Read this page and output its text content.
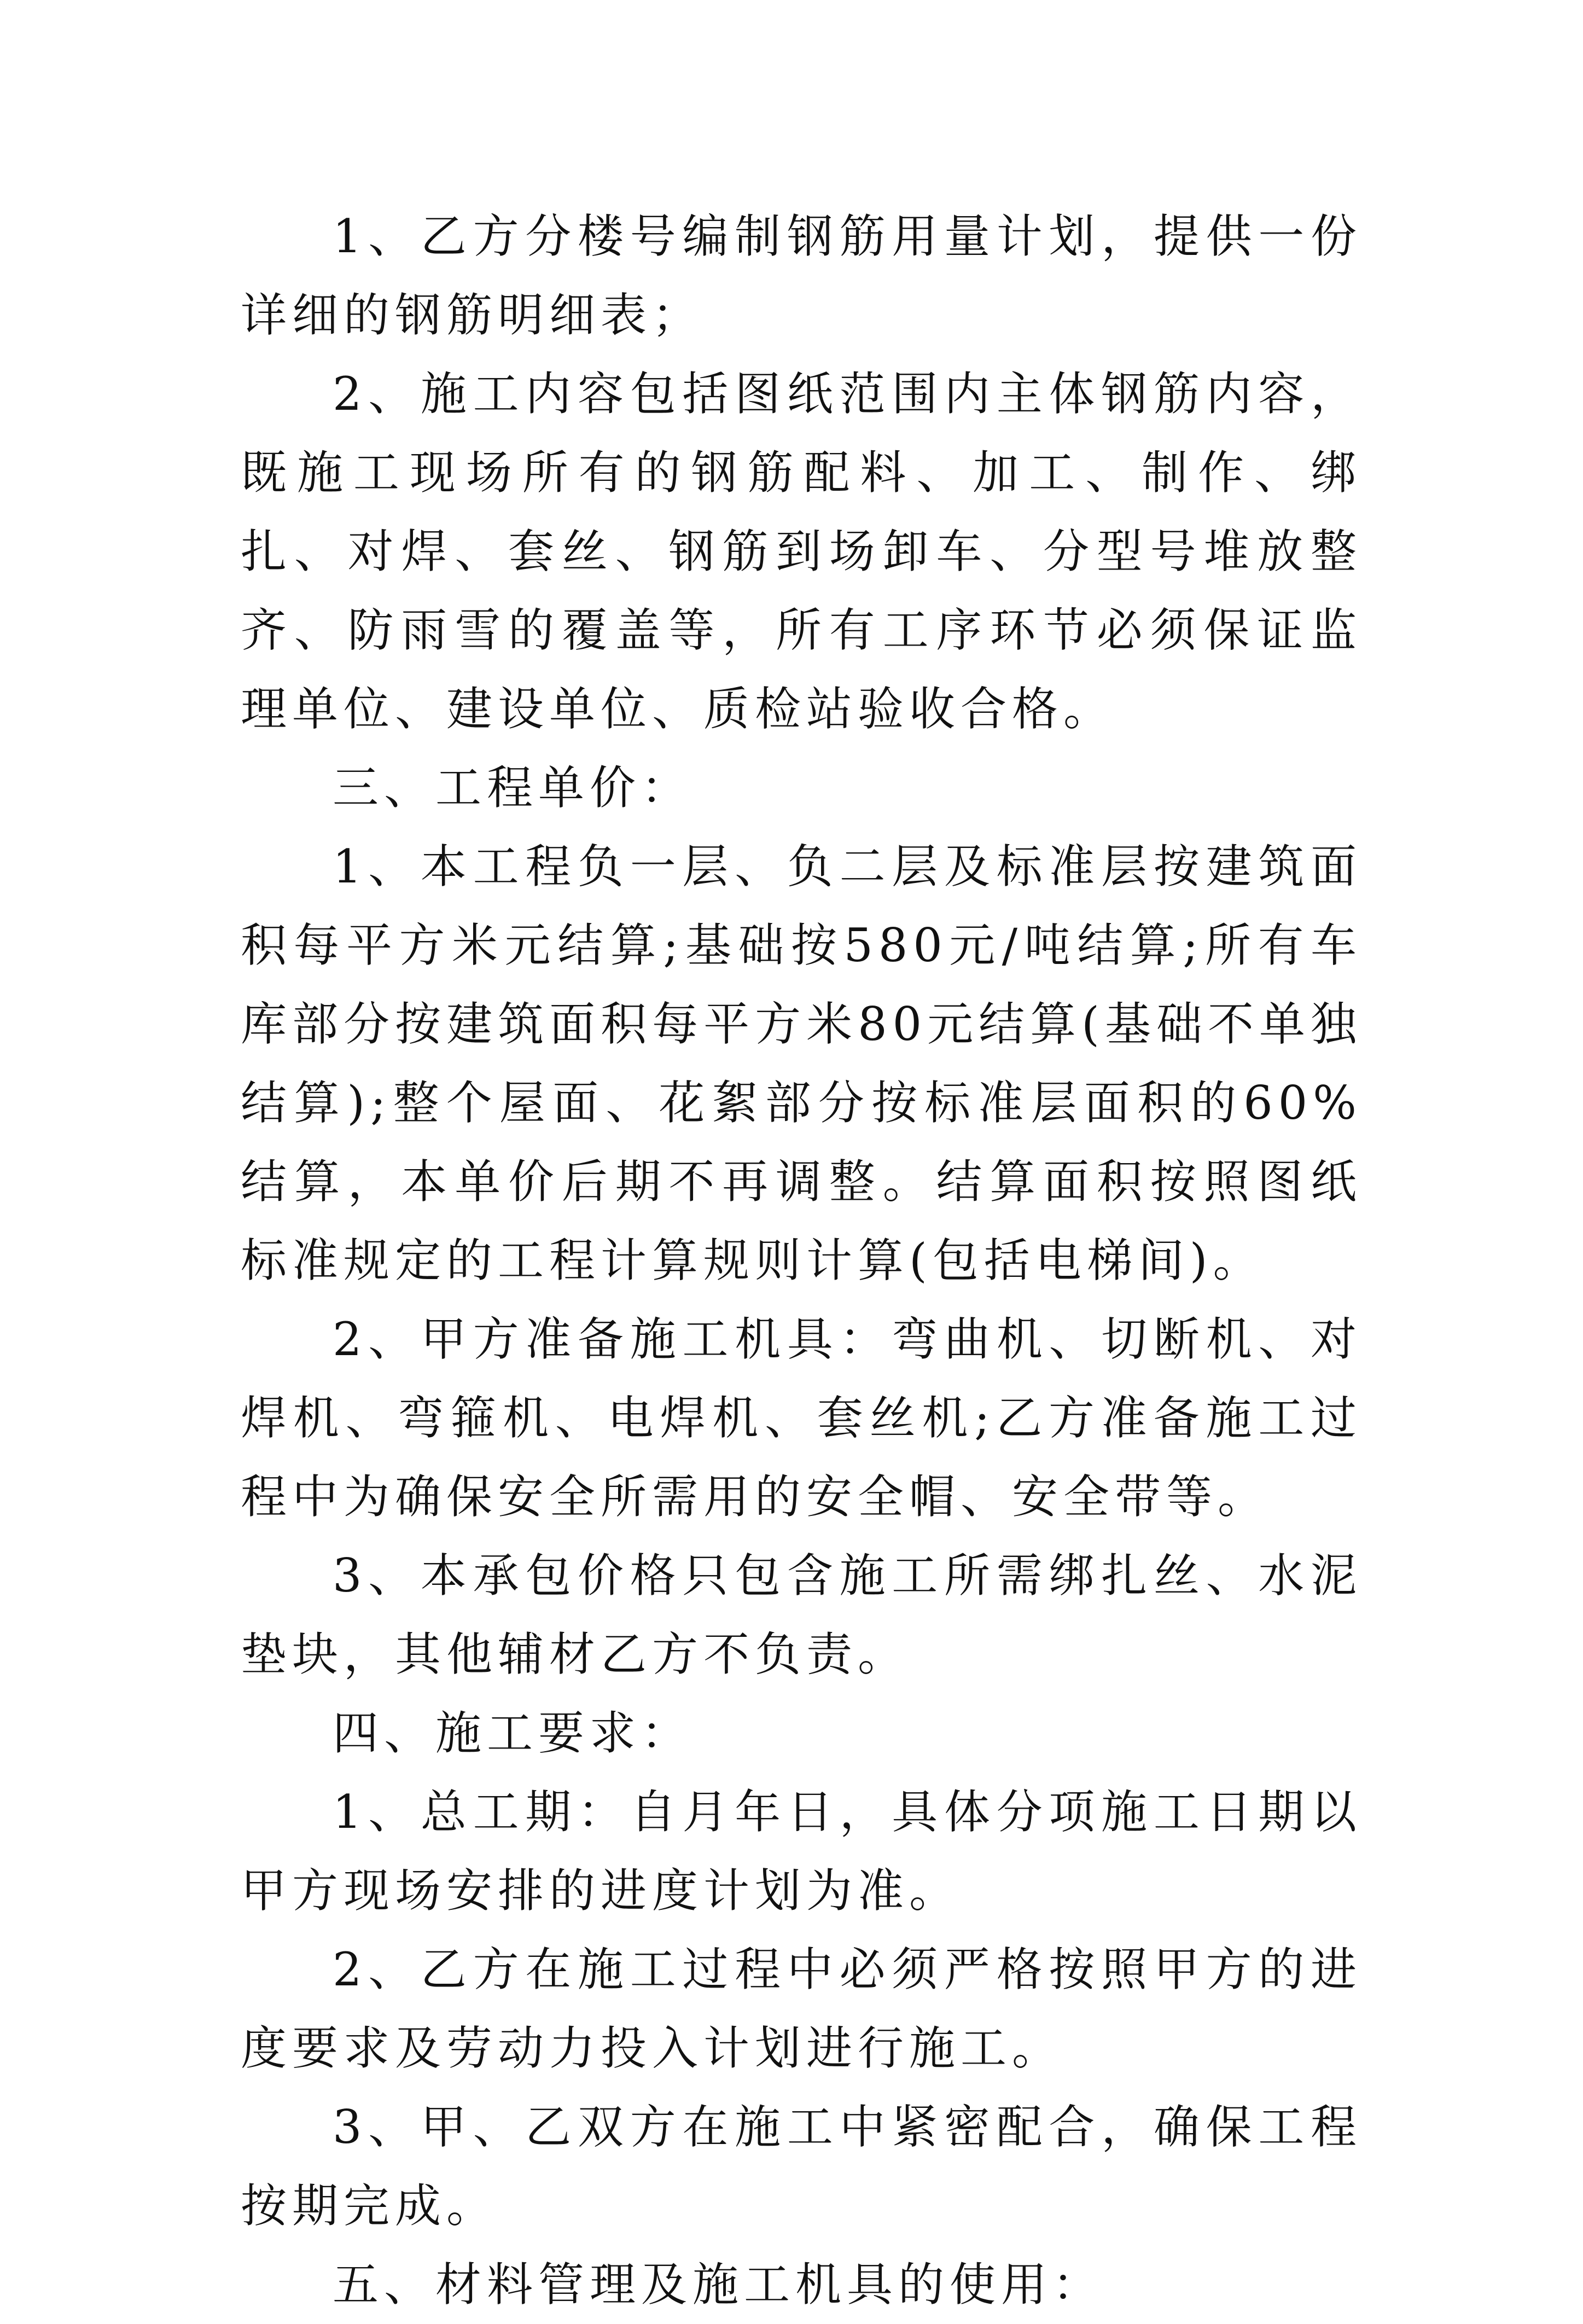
1、乙方分楼号编制钢筋用量计划，提供一份详细的钢筋明细表；

2、施工内容包括图纸范围内主体钢筋内容，既施工现场所有的钢筋配料、加工、制作、绑扎、对焊、套丝、钢筋到场卸车、分型号堆放整齐、防雨雪的覆盖等，所有工序环节必须保证监理单位、建设单位、质检站验收合格。

三、工程单价：

1、本工程负一层、负二层及标准层按建筑面积每平方米元结算;基础按580元/吨结算;所有车库部分按建筑面积每平方米80元结算(基础不单独结算);整个屋面、花絮部分按标准层面积的60%结算，本单价后期不再调整。结算面积按照图纸标准规定的工程计算规则计算(包括电梯间)。

2、甲方准备施工机具：弯曲机、切断机、对焊机、弯箍机、电焊机、套丝机;乙方准备施工过程中为确保安全所需用的安全帽、安全带等。

3、本承包价格只包含施工所需绑扎丝、水泥垫块，其他辅材乙方不负责。

四、施工要求：

1、总工期：自月年日，具体分项施工日期以甲方现场安排的进度计划为准。

2、乙方在施工过程中必须严格按照甲方的进度要求及劳动力投入计划进行施工。

3、甲、乙双方在施工中紧密配合，确保工程按期完成。

五、材料管理及施工机具的使用：
